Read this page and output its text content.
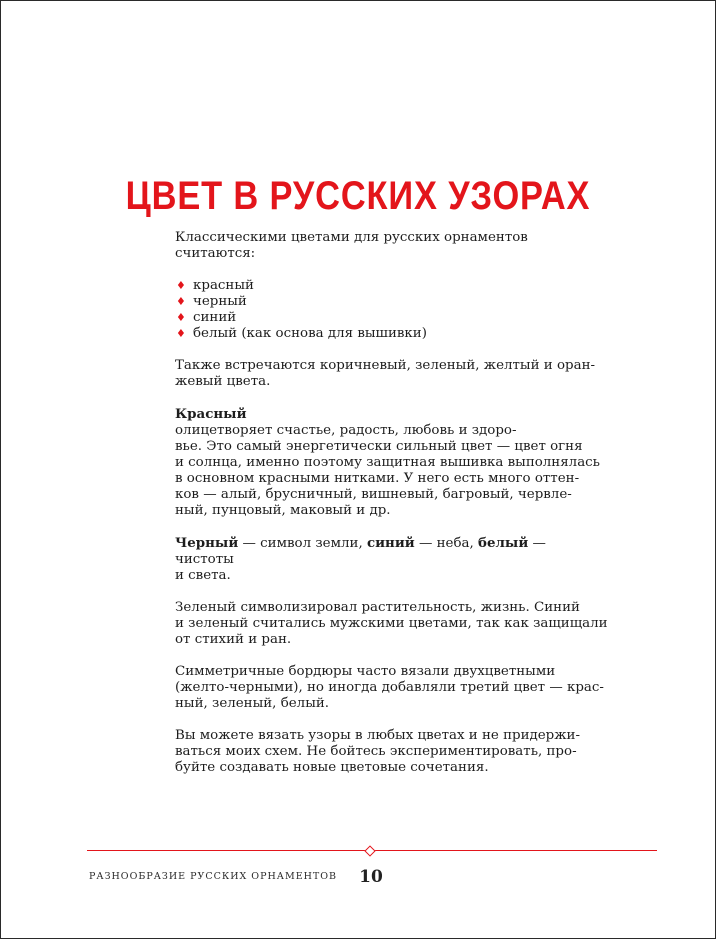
ЦВЕТ В РУССКИХ УЗОРАХ

Классическими цветами для русских орнаментов считаются:

♦ красный
♦ черный
♦ синий
♦ белый (как основа для вышивки)

Также встречаются коричневый, зеленый, желтый и оран-
жевый цвета.

Красный олицетворяет счастье, радость, любовь и здоро-
вье. Это самый энергетически сильный цвет — цвет огня
и солнца, именно поэтому защитная вышивка выполнялась
в основном красными нитками. У него есть много оттен-
ков — алый, брусничный, вишневый, багровый, червле-
ный, пунцовый, маковый и др.

Черный — символ земли, синий — неба, белый — чистоты
и света.

Зеленый символизировал растительность, жизнь. Синий
и зеленый считались мужскими цветами, так как защищали
от стихий и ран.

Симметричные бордюры часто вязали двухцветными
(желто-черными), но иногда добавляли третий цвет — крас-
ный, зеленый, белый.

Вы можете вязать узоры в любых цветах и не придержи-
ваться моих схем. Не бойтесь экспериментировать, про-
буйте создавать новые цветовые сочетания.

РАЗНООБРАЗИЕ РУССКИХ ОРНАМЕНТОВ 10
